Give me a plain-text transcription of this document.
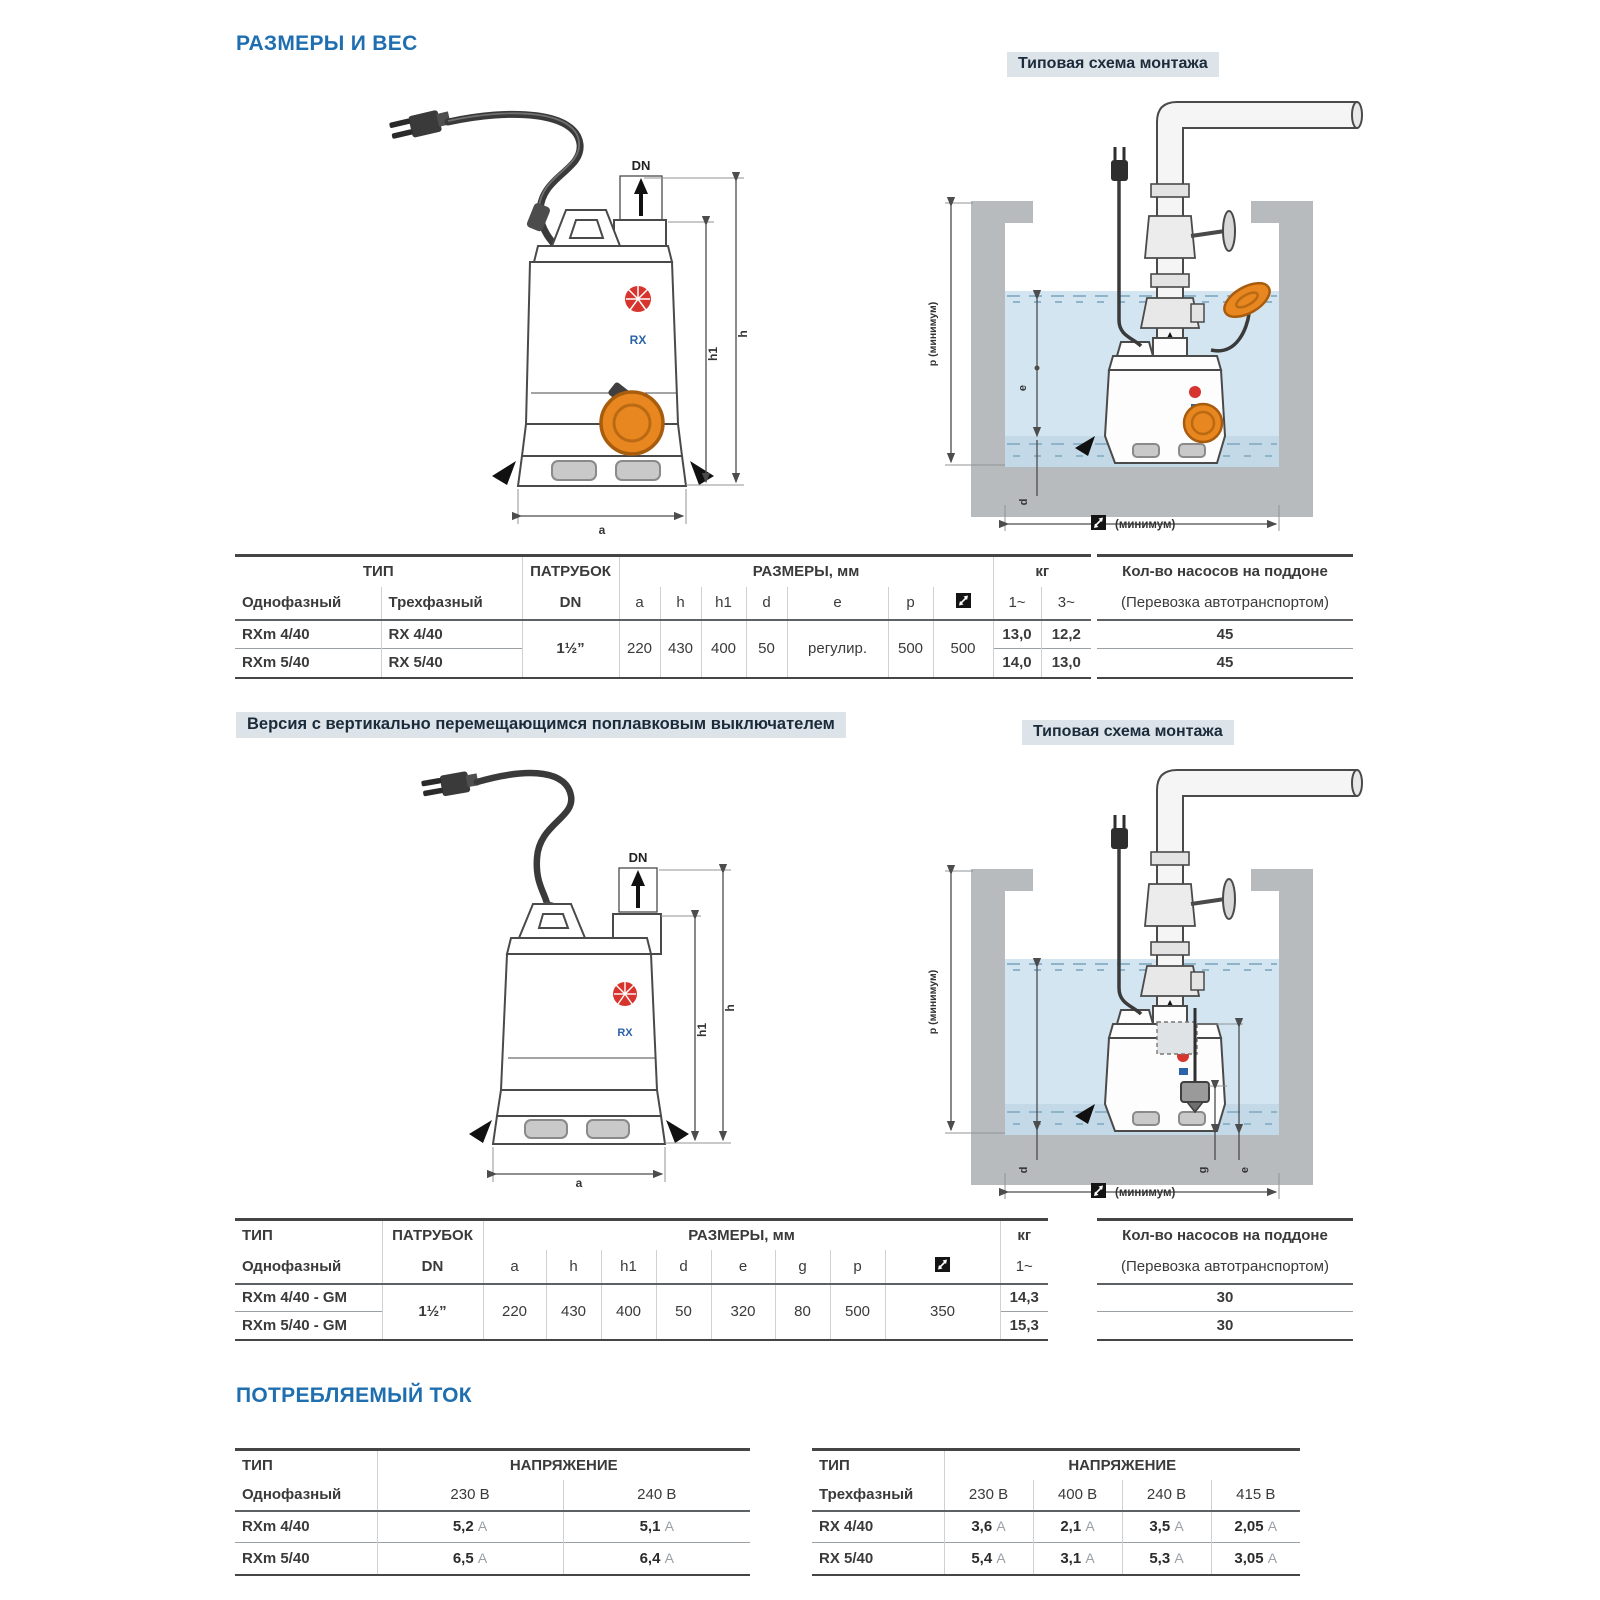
РАЗМЕРЫ И ВЕС
Типовая схема монтажа
Версия с вертикально перемещающимся поплавковым выключателем	Типовая схема монтажа
ПОТРЕБЛЯЕМЫЙ ТОК
RX
DN
h1
h
a
p (минимум)
e
d
(минимум)
ТИП		ПАТРУБОК	РАЗМЕРЫ, мм							кг	
Однофазный	Трехфазный	DN	a	h	h1	d	e	p		1~	3~
RXm 4/40	RX 4/40	1½”	220	430	400	50	регулир.	500	500	13,0	12,2
RXm 5/40	RX 5/40									14,0	13,0
Кол-во насосов на поддоне
(Перевозка автотранспортом)
45
45
RX
DN
h1
h
a
p (минимум)
d	g	e
(минимум)
ТИП	ПАТРУБОК	РАЗМЕРЫ, мм								кг
Однофазный	DN	a	h	h1	d	e	g	p		1~
RXm 4/40 - GM	1½”	220	430	400	50	320	80	500	350	14,3
RXm 5/40 - GM										15,3
Кол-во насосов на поддоне
(Перевозка автотранспортом)
30
30
ТИП	НАПРЯЖЕНИЕ	
Однофазный	230 В	240 В
RXm 4/40	5,2 A	5,1 A
RXm 5/40	6,5 A	6,4 A
ТИП	НАПРЯЖЕНИЕ			
Трехфазный	230 В	400 В	240 В	415 В
RX 4/40	3,6 A	2,1 A	3,5 A	2,05 A
RX 5/40	5,4 A	3,1 A	5,3 A	3,05 A
